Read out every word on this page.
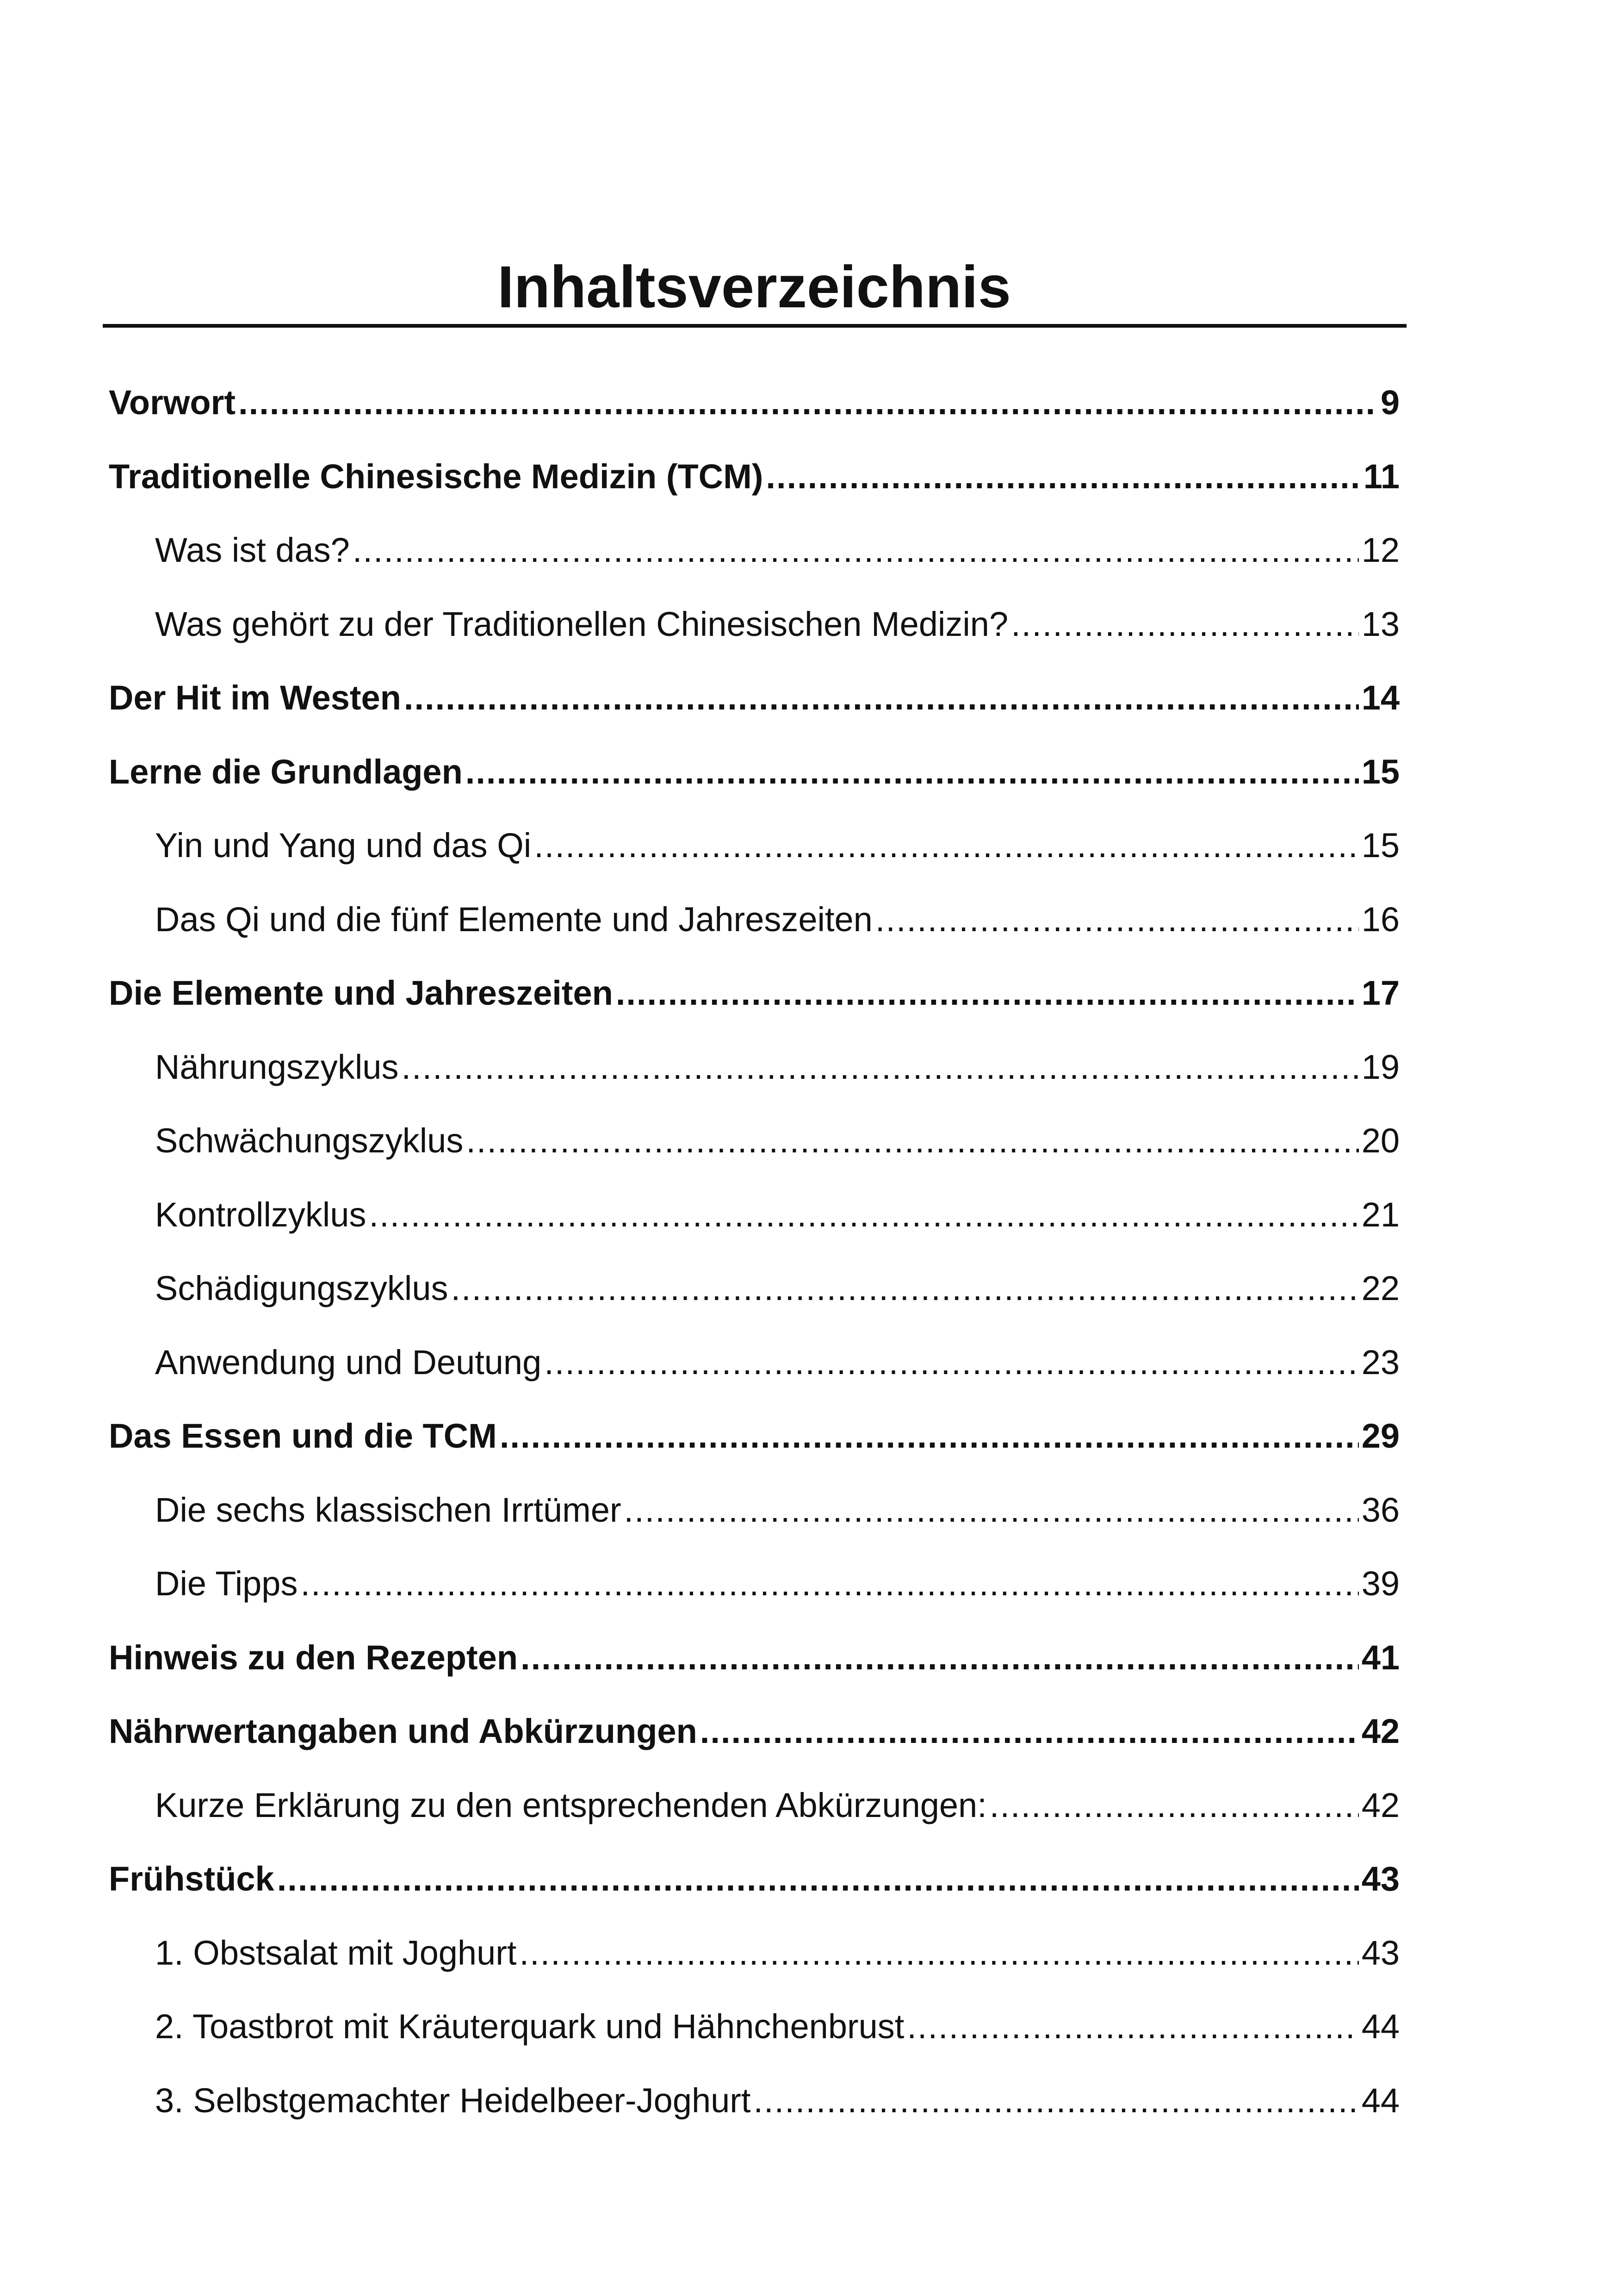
Inhaltsverzeichnis
Vorwort .....	9
Traditionelle Chinesische Medizin (TCM) .....	11
Was ist das? .....	12
Was gehört zu der Traditionellen Chinesischen Medizin? .....	13
Der Hit im Westen .....	14
Lerne die Grundlagen .....	15
Yin und Yang und das Qi .....	15
Das Qi und die fünf Elemente und Jahreszeiten .....	16
Die Elemente und Jahreszeiten .....	17
Nährungszyklus .....	19
Schwächungszyklus .....	20
Kontrollzyklus .....	21
Schädigungszyklus .....	22
Anwendung und Deutung .....	23
Das Essen und die TCM .....	29
Die sechs klassischen Irrtümer .....	36
Die Tipps .....	39
Hinweis zu den Rezepten .....	41
Nährwertangaben und Abkürzungen .....	42
Kurze Erklärung zu den entsprechenden Abkürzungen: .....	42
Frühstück .....	43
1. Obstsalat mit Joghurt .....	43
2. Toastbrot mit Kräuterquark und Hähnchenbrust .....	44
3. Selbstgemachter Heidelbeer-Joghurt .....	44
